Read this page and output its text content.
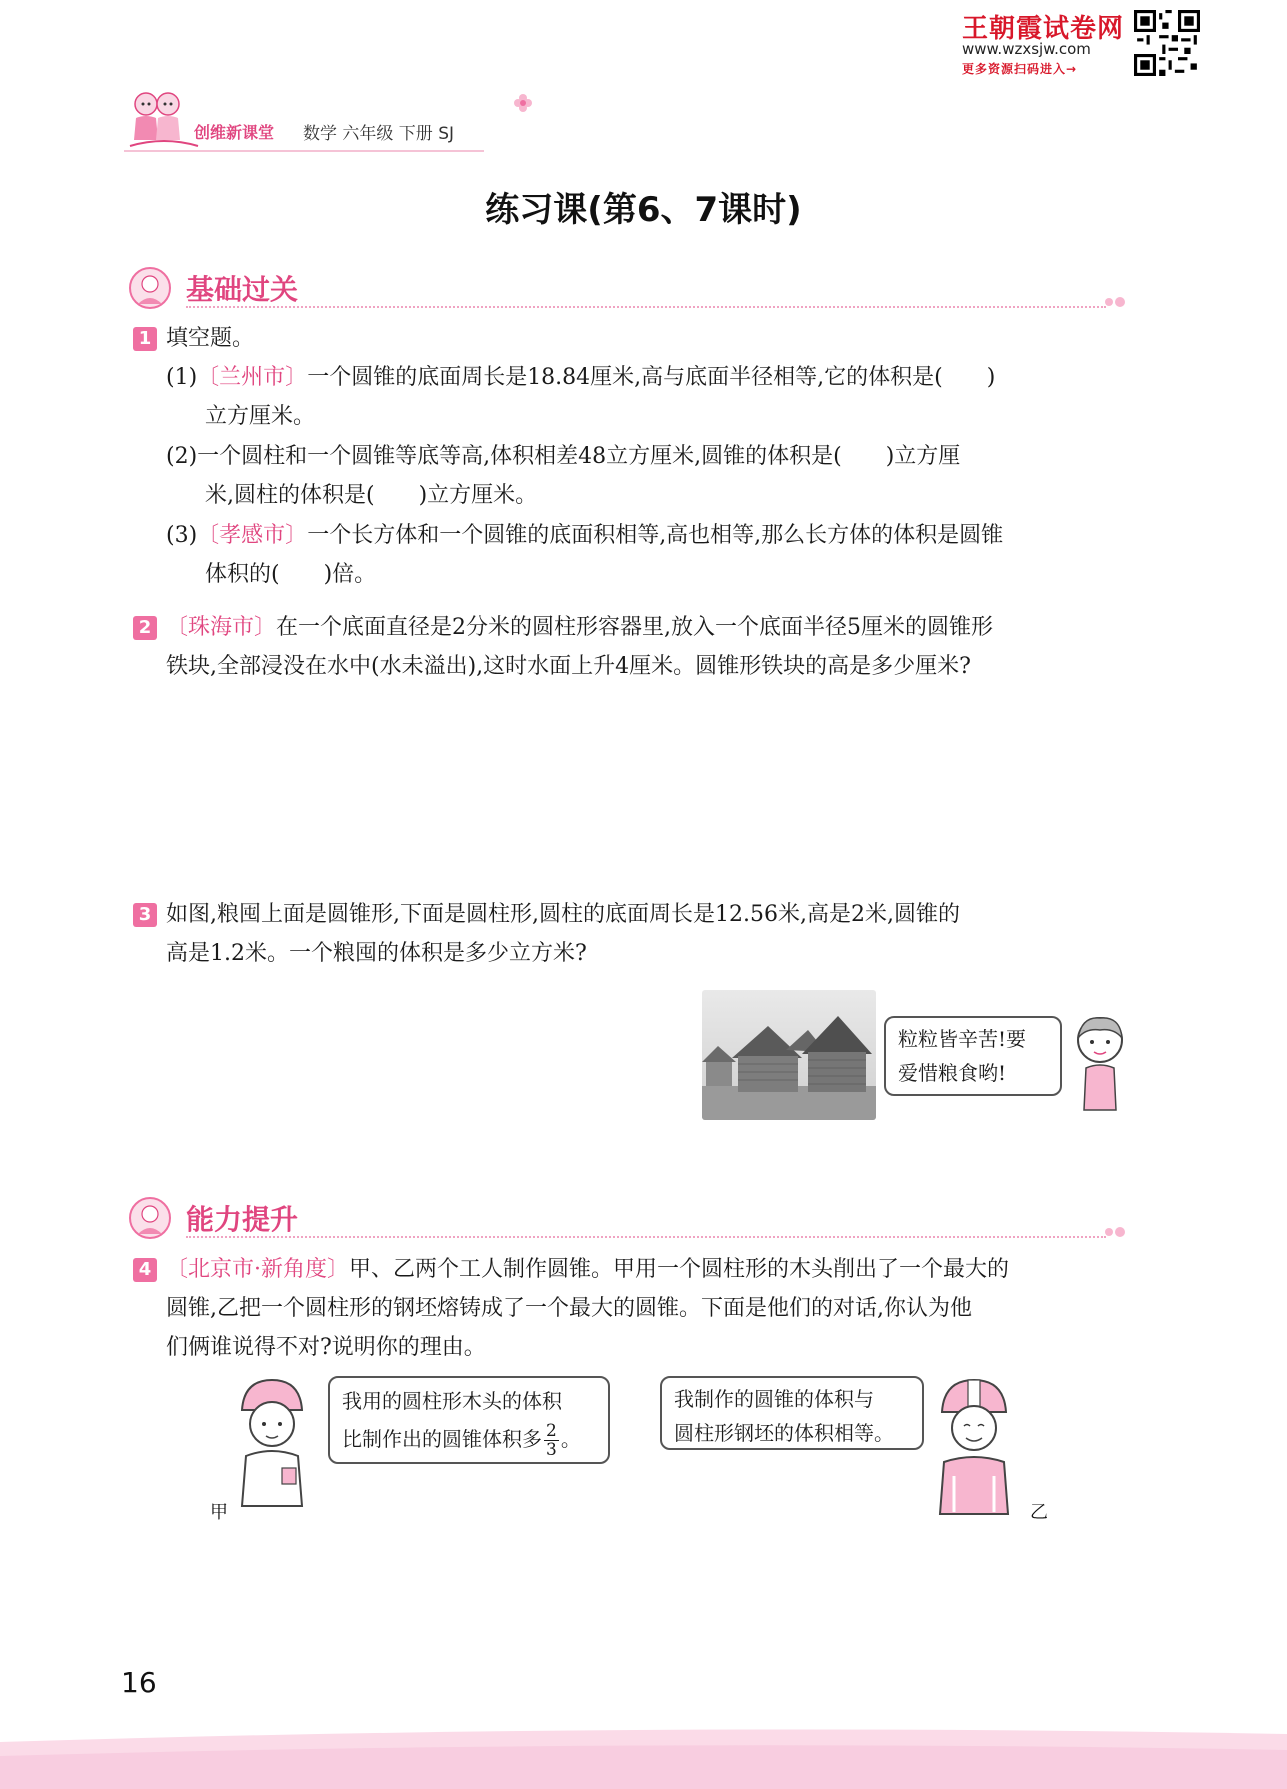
王朝霞试卷网
www.wzxsjw.com
更多资源扫码进入→
创维新课堂 数学 六年级 下册 SJ
练习课(第6、7课时)
基础过关
1 填空题。
(1)〔兰州市〕一个圆锥的底面周长是18.84厘米,高与底面半径相等,它的体积是(　　)
立方厘米。
(2)一个圆柱和一个圆锥等底等高,体积相差48立方厘米,圆锥的体积是(　　)立方厘
米,圆柱的体积是(　　)立方厘米。
(3)〔孝感市〕一个长方体和一个圆锥的底面积相等,高也相等,那么长方体的体积是圆锥
体积的(　　)倍。
2 〔珠海市〕在一个底面直径是2分米的圆柱形容器里,放入一个底面半径5厘米的圆锥形
铁块,全部浸没在水中(水未溢出),这时水面上升4厘米。圆锥形铁块的高是多少厘米?
3 如图,粮囤上面是圆锥形,下面是圆柱形,圆柱的底面周长是12.56米,高是2米,圆锥的
高是1.2米。一个粮囤的体积是多少立方米?
粒粒皆辛苦!要
爱惜粮食哟!
能力提升
4 〔北京市·新角度〕甲、乙两个工人制作圆锥。甲用一个圆柱形的木头削出了一个最大的
圆锥,乙把一个圆柱形的钢坯熔铸成了一个最大的圆锥。下面是他们的对话,你认为他
们俩谁说得不对?说明你的理由。
甲
我用的圆柱形木头的体积
比制作出的圆锥体积多 $\frac{2}{3}$ 。
我制作的圆锥的体积与
圆柱形钢坯的体积相等。
乙
16
